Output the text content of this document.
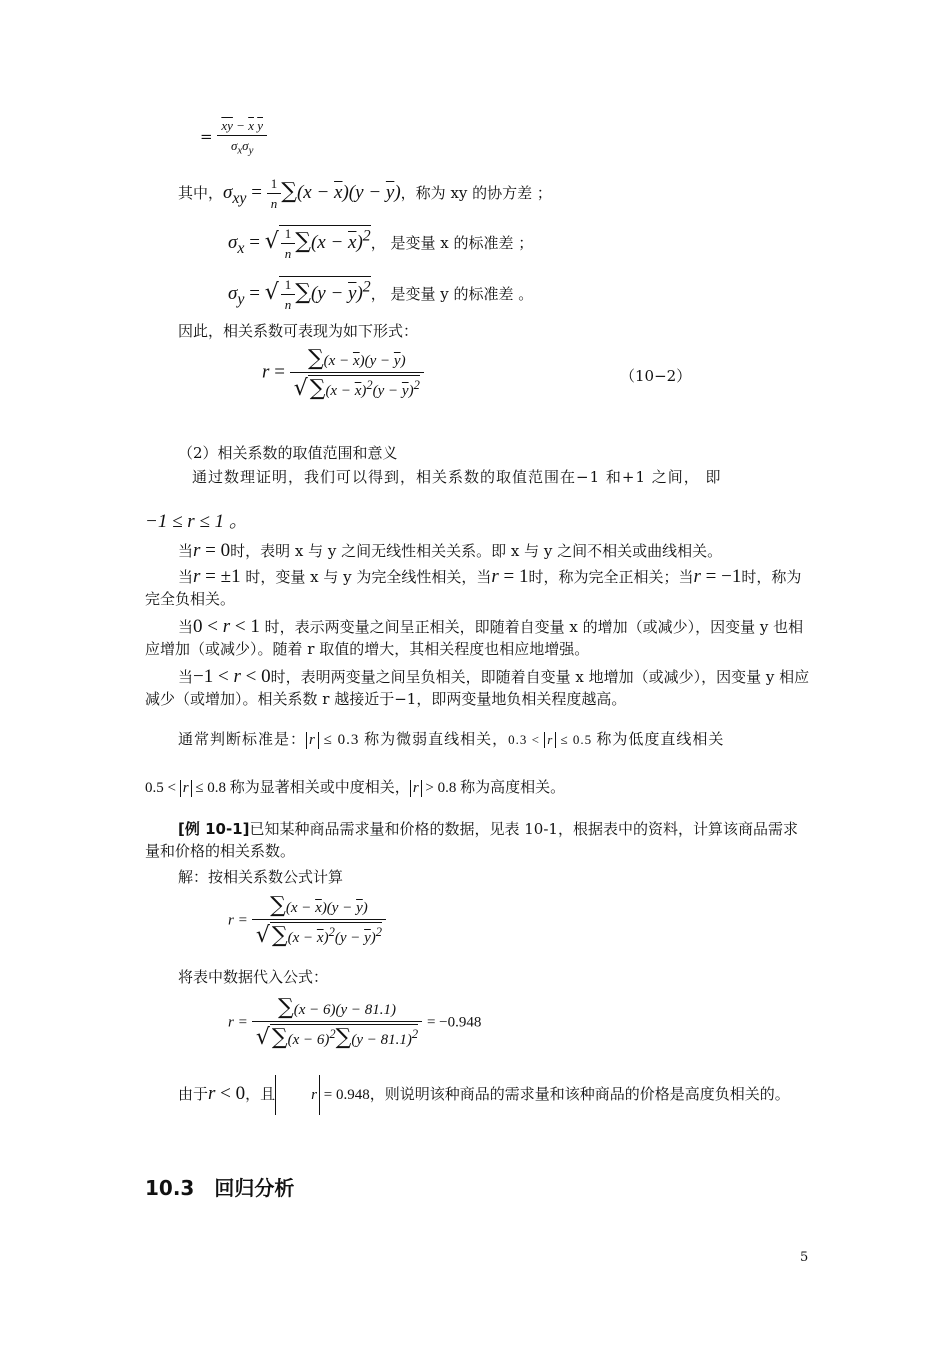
= $\frac{\overline{xy} - \overline{x} \overline{y}}{\sigma_x\sigma_y}$
其中，$\sigma_{xy} = \frac{1}{n} \sum(x - \overline{x})(y - \overline{y})$，称为 xy 的协方差 ；
$\sigma_x$ = √ $\frac{1}{n} \sum(x - \overline{x})^2$， 是变量 x 的标准差 ；
$\sigma_y$ = √ $\frac{1}{n} \sum(y - \overline{y})^2$， 是变量 y 的标准差 。
因此，相关系数可表现为如下形式：
$r = \frac{\sum(x - \overline{x})(y - \overline{y})}{√\sum(x - \overline{x})^2(y - \overline{y})^2}$	（10−2）
（2）相关系数的取值范围和意义
通过数理证明，我们可以得到，相关系数的取值范围在−1 和+1 之间， 即
−1 ≤ r ≤ 1 。
当r = 0时，表明 x 与 y 之间无线性相关关系。即 x 与 y 之间不相关或曲线相关。
当r = ±1 时，变量 x 与 y 为完全线性相关，当r = 1时，称为完全正相关；当r = −1时，称为完全负相关。
当0 < r < 1 时，表示两变量之间呈正相关，即随着自变量 x 的增加（或减少），因变量 y 也相应增加（或减少）。随着 r 取值的增大，其相关程度也相应地增强。
当−1 < r < 0时，表明两变量之间呈负相关，即随着自变量 x 地增加（或减少），因变量 y 相应减少（或增加）。相关系数 r 越接近于−1，即两变量地负相关程度越高。
通常判断标准是： r ≤ 0.3 称为微弱直线相关，0.3 < r ≤ 0.5 称为低度直线相关
0.5 < r ≤ 0.8 称为显著相关或中度相关， r > 0.8 称为高度相关。
[例 10-1]已知某种商品需求量和价格的数据，见表 10-1，根据表中的资料，计算该商品需求量和价格的相关系数。
解：按相关系数公式计算
$r = \frac{\sum(x - \overline{x})(y - \overline{y})}{√\sum(x - \overline{x})^2(y - \overline{y})^2}$
将表中数据代入公式：
$r = \frac{\sum(x - 6)(y - 81.1)}{√\sum(x - 6)^2\sum(y - 81.1)^2} = -0.948$
由于r < 0，且 r = 0.948，则说明该种商品的需求量和该种商品的价格是高度负相关的。
10.3　回归分析
5
